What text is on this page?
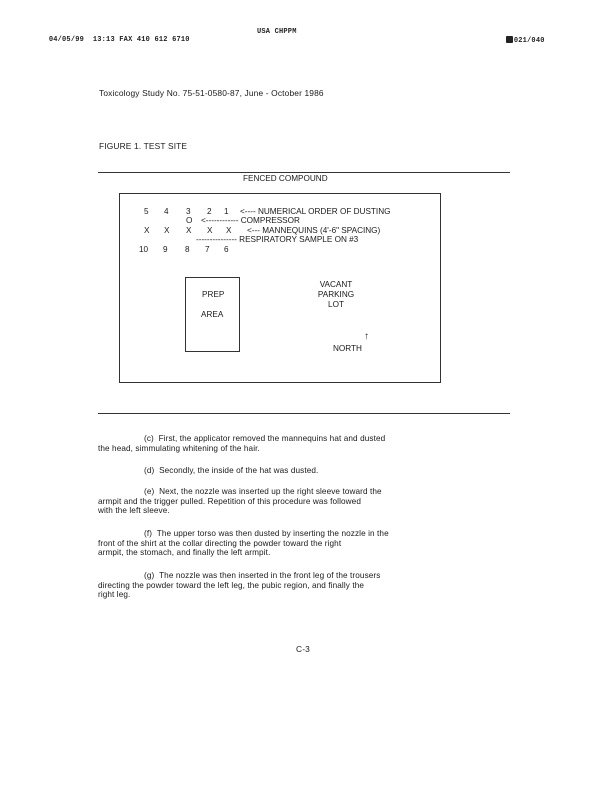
04/05/99 13:13 FAX 410 612 6710

USA CHPPM

021/040

Toxicology Study No. 75-51-0580-87, June - October 1986
FIGURE 1. TEST SITE
FENCED COMPOUND
5 4 3 2 1 <---- NUMERICAL ORDER OF DUSTING
O <------------ COMPRESSOR
X X X X X <--- MANNEQUINS (4'-6" SPACING)
--------------- RESPIRATORY SAMPLE ON #3
10 9 8 7 6
PREP
AREA
VACANT
PARKING
LOT
NORTH
↑
(c) First, the applicator removed the mannequins hat and dusted
the head, simmulating whitening of the hair.
(d) Secondly, the inside of the hat was dusted.
(e) Next, the nozzle was inserted up the right sleeve toward the
armpit and the trigger pulled. Repetition of this procedure was followed
with the left sleeve.
(f) The upper torso was then dusted by inserting the nozzle in the
front of the shirt at the collar directing the powder toward the right
armpit, the stomach, and finally the left armpit.
(g) The nozzle was then inserted in the front leg of the trousers
directing the powder toward the left leg, the pubic region, and finally the
right leg.
C-3
